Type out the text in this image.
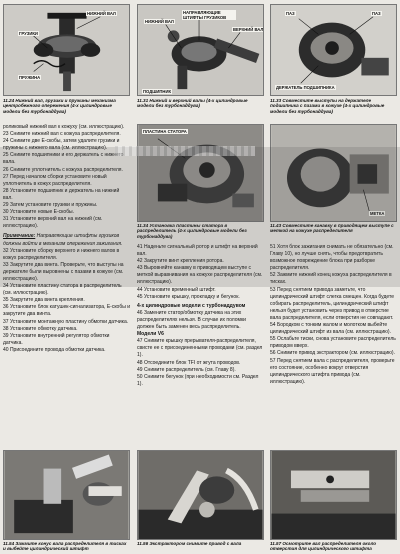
НИЖНИЙ ВАЛ
ГРУЗИКИ
ПРУЖИНА
11.24 Нижний вал, грузики и пружины механизма центробежного опережения (4-х цилиндровые модели без турбонаддува)

роликовый нижний вал к кожуху (см. иллюстрацию).

23 Снимите нижний вал с кожуха распределителя.

24 Снимите две Е-скобы, затем удалите грузики и пружины с нижнего вала (см. иллюстрацию).

25 Снимите подшипники и его держатель с нижнего вала.

26 Снимите уплотнитель с кожуха распределителя.

27 Перед началом сборки установите новый уплотнитель в кожух распределителя.

28 Установите подшипник и держатель на нижний вал.

29 Затем установите грузики и пружины.

30 Установите новые Е-скобы.

31 Установите верхний вал на нижний (см. иллюстрацию).

Примечание: Направляющие штифты грузиков должны войти в механизм опережения зажигания.

32 Установите сборку верхнего и нижнего валов в кожух распределителя.

33 Закрутите два винта. Проверьте, что выступы на держателе были выровнены с пазами в кожухе (см. иллюстрацию).

34 Установите пластину статора в распределитель (см. иллюстрацию).

35 Закрутите два винта крепления.

36 Установите блок катушек-сигнализатора, Е-скобы и закрутите два винта.

37 Установите монтажную пластину обмотки датчика.

38 Установите обмотку датчика.

39 Установите внутренний регулятор обмотки датчика.

40 Присоедините провода обмотки датчика.

11.54 Зажмите конус вала распределителя в тисках и выбейте цилиндрический штифт
НАПРАВЛЯЮЩИЕ ШТИФТЫ ГРУЗИКОВ
ВЕРХНИЙ ВАЛ
НИЖНИЙ ВАЛ
ПОДШИПНИК
11.31 Нижний и верхний валы (4-х цилиндровые модели без турбонаддува)
ПЛАСТИНА СТАТОРА
11.34 Установка пластины статора в распределитель (4-х цилиндровые модели без турбонаддува)

41 Наденьте сигнальный ротор и штифт на верхний вал.

42 Закрутите винт крепления ротора.

43 Выровняйте канавку в приводящем выступе с меткой выравнивания на кожухе распределителя (см. иллюстрацию).

44 Установите временный штифт.

45 Установите крышку, прокладку и бегунок.

4-х цилиндровые модели с турбонаддувом

46 Замените статор/обмотку датчика на этих распределителях нельзя. В случае их поломки должен быть заменен весь распределитель.

Модели V6

47 Снимите крышку прерывателя-распределителя, свисте ее с присоединенными проводами (см. раздел 1).

48 Отсоедините блок TFI от жгута проводов.

49 Снимите распределитель (см. Главу 8).

50 Снимите бегунок (при необходимости см. Раздел 1).

11.56 Экстрактором снимите привод с вала
ПАЗ	ПАЗ
ДЕРЖАТЕЛЬ ПОДШИПНИКА
11.33 Совместите выступы на держателе подшипника с пазами в кожухе (4-х цилиндровые модели без турбонаддува)
МЕТКА
11.43 Совместите канавку в приводящем выступе с меткой на кожухе распределителя

51 Хотя блок зажигания снимать не обязательно (см. Главу 10), но лучше снять, чтобы предотвратить возможное повреждение блока при разборке распределителя.

52 Зажмите нижний конец кожуха распределителя в тисках.

53 Перед снятием привода заметьте, что цилиндрический штифт слегка смещен. Когда будете собирать распределитель, цилиндрический штифт нельзя будет установить через привод в отверстие вала распределителя, если отверстия не совпадают.

54 Бородком с тонким жалом и молотком выбейте цилиндрический штифт из вала (см. иллюстрацию).

55 Ослабьте тиски, снова установите распределитель приводом вверх.

56 Снимите привод экстрактором (см. иллюстрацию).

57 Перед снятием вала с распределителя, проверьте его состояние, особенно вокруг отверстия цилиндрического штифта привода (см. иллюстрацию).

11.57 Осмотрите вал распределителя около отверстия для цилиндрического штифта
